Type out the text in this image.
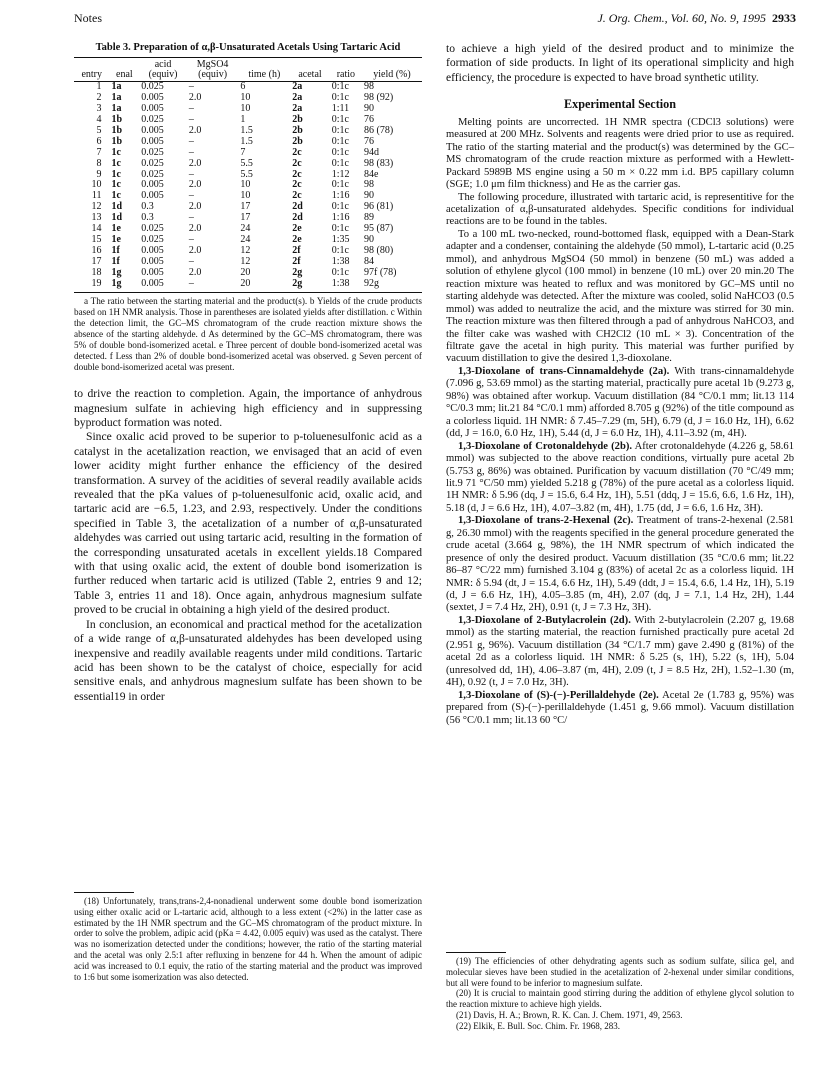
Notes	J. Org. Chem., Vol. 60, No. 9, 1995 2933
Table 3. Preparation of α,β-Unsaturated Acetals Using Tartaric Acid
		acid	MgSO4				
entry	enal	(equiv)	(equiv)	time (h)	acetal	ratio	yield (%)
1	1a	0.025	–	6	2a	0:1c	98
2	1a	0.005	2.0	10	2a	0:1c	98 (92)
3	1a	0.005	–	10	2a	1:11	90
4	1b	0.025	–	1	2b	0:1c	76
5	1b	0.005	2.0	1.5	2b	0:1c	86 (78)
6	1b	0.005	–	1.5	2b	0:1c	76
7	1c	0.025	–	7	2c	0:1c	94d
8	1c	0.025	2.0	5.5	2c	0:1c	98 (83)
9	1c	0.025	–	5.5	2c	1:12	84e
10	1c	0.005	2.0	10	2c	0:1c	98
11	1c	0.005	–	10	2c	1:16	90
12	1d	0.3	2.0	17	2d	0:1c	96 (81)
13	1d	0.3	–	17	2d	1:16	89
14	1e	0.025	2.0	24	2e	0:1c	95 (87)
15	1e	0.025	–	24	2e	1:35	90
16	1f	0.005	2.0	12	2f	0:1c	98 (80)
17	1f	0.005	–	12	2f	1:38	84
18	1g	0.005	2.0	20	2g	0:1c	97f (78)
19	1g	0.005	–	20	2g	1:38	92g

a The ratio between the starting material and the product(s). b Yields of the crude products based on 1H NMR analysis. Those in parentheses are isolated yields after distillation. c Within the detection limit, the GC–MS chromatogram of the crude reaction mixture shows the absence of the starting aldehyde. d As determined by the GC–MS chromatogram, there was 5% of double bond-isomerized acetal. e Three percent of double bond-isomerized acetal was detected. f Less than 2% of double bond-isomerized acetal was observed. g Seven percent of double bond-isomerized acetal was present.

to drive the reaction to completion. Again, the importance of anhydrous magnesium sulfate in achieving high efficiency and in suppressing byproduct formation was noted.

Since oxalic acid proved to be superior to p-toluenesulfonic acid as a catalyst in the acetalization reaction, we envisaged that an acid of even lower acidity might further enhance the efficiency of the desired transformation. A survey of the acidities of several readily available acids revealed that the pKa values of p-toluenesulfonic acid, oxalic acid, and tartaric acid are −6.5, 1.23, and 2.93, respectively. Under the conditions specified in Table 3, the acetalization of a number of α,β-unsaturated aldehydes was carried out using tartaric acid, resulting in the formation of the corresponding unsaturated acetals in excellent yields.18 Compared with that using oxalic acid, the extent of double bond isomerization is further reduced when tartaric acid is utilized (Table 2, entries 9 and 12; Table 3, entries 11 and 18). Once again, anhydrous magnesium sulfate proved to be crucial in obtaining a high yield of the desired product.

In conclusion, an economical and practical method for the acetalization of a wide range of α,β-unsaturated aldehydes has been developed using inexpensive and readily available reagents under mild conditions. Tartaric acid has been shown to be the catalyst of choice, especially for acid sensitive enals, and anhydrous magnesium sulfate has been shown to be essential19 in order

(18) Unfortunately, trans,trans-2,4-nonadienal underwent some double bond isomerization using either oxalic acid or L-tartaric acid, although to a less extent (<2%) in the latter case as estimated by the 1H NMR spectrum and the GC–MS chromatogram of the product mixture. In order to solve the problem, adipic acid (pKa = 4.42, 0.005 equiv) was used as the catalyst. There was no isomerization detected under the conditions; however, the ratio of the starting material and the acetal was only 2.5:1 after refluxing in benzene for 44 h. When the amount of adipic acid was increased to 0.1 equiv, the ratio of the starting material and the product was improved to 1:6 but some isomerization was also detected.

to achieve a high yield of the desired product and to minimize the formation of side products. In light of its operational simplicity and high efficiency, the procedure is expected to have broad synthetic utility.

Experimental Section

Melting points are uncorrected. 1H NMR spectra (CDCl3 solutions) were measured at 200 MHz. Solvents and reagents were dried prior to use as required. The ratio of the starting material and the product(s) was determined by the GC–MS chromatogram of the crude reaction mixture as performed with a Hewlett-Packard 5989B MS engine using a 50 m × 0.22 mm i.d. BP5 capillary column (SGE; 1.0 μm film thickness) and He as the carrier gas.

The following procedure, illustrated with tartaric acid, is representitive for the acetalization of α,β-unsaturated aldehydes. Specific conditions for individual reactions are to be found in the tables.

To a 100 mL two-necked, round-bottomed flask, equipped with a Dean-Stark adapter and a condenser, containing the aldehyde (50 mmol), L-tartaric acid (0.25 mmol), and anhydrous MgSO4 (50 mmol) in benzene (50 mL) was added a solution of ethylene glycol (100 mmol) in benzene (10 mL) over 20 min.20 The reaction mixture was heated to reflux and was monitored by GC–MS until no starting aldehyde was detected. After the mixture was cooled, solid NaHCO3 (0.5 mmol) was added to neutralize the acid, and the mixture was stirred for 30 min. The reaction mixture was then filtered through a pad of anhydrous NaHCO3, and the filter cake was washed with CH2Cl2 (10 mL × 3). Concentration of the filtrate gave the acetal in high purity. This material was further purified by vacuum distillation to give the desired 1,3-dioxolane.

1,3-Dioxolane of trans-Cinnamaldehyde (2a). With trans-cinnamaldehyde (7.096 g, 53.69 mmol) as the starting material, practically pure acetal 1b (9.273 g, 98%) was obtained after workup. Vacuum distillation (84 °C/0.1 mm; lit.13 114 °C/0.3 mm; lit.21 84 °C/0.1 mm) afforded 8.705 g (92%) of the title compound as a colorless liquid. 1H NMR: δ 7.45–7.29 (m, 5H), 6.79 (d, J = 16.0 Hz, 1H), 6.62 (dd, J = 16.0, 6.0 Hz, 1H), 5.44 (d, J = 6.0 Hz, 1H), 4.11–3.92 (m, 4H).

1,3-Dioxolane of Crotonaldehyde (2b). After crotonaldehyde (4.226 g, 58.61 mmol) was subjected to the above reaction conditions, virtually pure acetal 2b (5.753 g, 86%) was obtained. Purification by vacuum distillation (70 °C/49 mm; lit.9 71 °C/50 mm) yielded 5.218 g (78%) of the pure acetal as a colorless liquid. 1H NMR: δ 5.96 (dq, J = 15.6, 6.4 Hz, 1H), 5.51 (ddq, J = 15.6, 6.6, 1.6 Hz, 1H), 5.18 (d, J = 6.6 Hz, 1H), 4.07–3.82 (m, 4H), 1.75 (dd, J = 6.6, 1.6 Hz, 3H).

1,3-Dioxolane of trans-2-Hexenal (2c). Treatment of trans-2-hexenal (2.581 g, 26.30 mmol) with the reagents specified in the general procedure generated the crude acetal (3.664 g, 98%), the 1H NMR spectrum of which indicated the presence of only the desired product. Vacuum distillation (35 °C/0.6 mm; lit.22 86–87 °C/22 mm) furnished 3.104 g (83%) of acetal 2c as a colorless liquid. 1H NMR: δ 5.94 (dt, J = 15.4, 6.6 Hz, 1H), 5.49 (ddt, J = 15.4, 6.6, 1.4 Hz, 1H), 5.19 (d, J = 6.6 Hz, 1H), 4.05–3.85 (m, 4H), 2.07 (dq, J = 7.1, 1.4 Hz, 2H), 1.44 (sextet, J = 7.4 Hz, 2H), 0.91 (t, J = 7.3 Hz, 3H).

1,3-Dioxolane of 2-Butylacrolein (2d). With 2-butylacrolein (2.207 g, 19.68 mmol) as the starting material, the reaction furnished practically pure acetal 2d (2.951 g, 96%). Vacuum distillation (34 °C/1.7 mm) gave 2.490 g (81%) of the acetal 2d as a colorless liquid. 1H NMR: δ 5.25 (s, 1H), 5.22 (s, 1H), 5.04 (unresolved dd, 1H), 4.06–3.87 (m, 4H), 2.09 (t, J = 8.5 Hz, 2H), 1.52–1.30 (m, 4H), 0.92 (t, J = 7.0 Hz, 3H).

1,3-Dioxolane of (S)-(−)-Perillaldehyde (2e). Acetal 2e (1.783 g, 95%) was prepared from (S)-(−)-perillaldehyde (1.451 g, 9.66 mmol). Vacuum distillation (56 °C/0.1 mm; lit.13 60 °C/

(19) The efficiencies of other dehydrating agents such as sodium sulfate, silica gel, and molecular sieves have been studied in the acetalization of 2-hexenal under similar conditions, but all were found to be inferior to magnesium sulfate.

(20) It is crucial to maintain good stirring during the addition of ethylene glycol solution to the reaction mixture to achieve high yields.

(21) Davis, H. A.; Brown, R. K. Can. J. Chem. 1971, 49, 2563.

(22) Elkik, E. Bull. Soc. Chim. Fr. 1968, 283.
